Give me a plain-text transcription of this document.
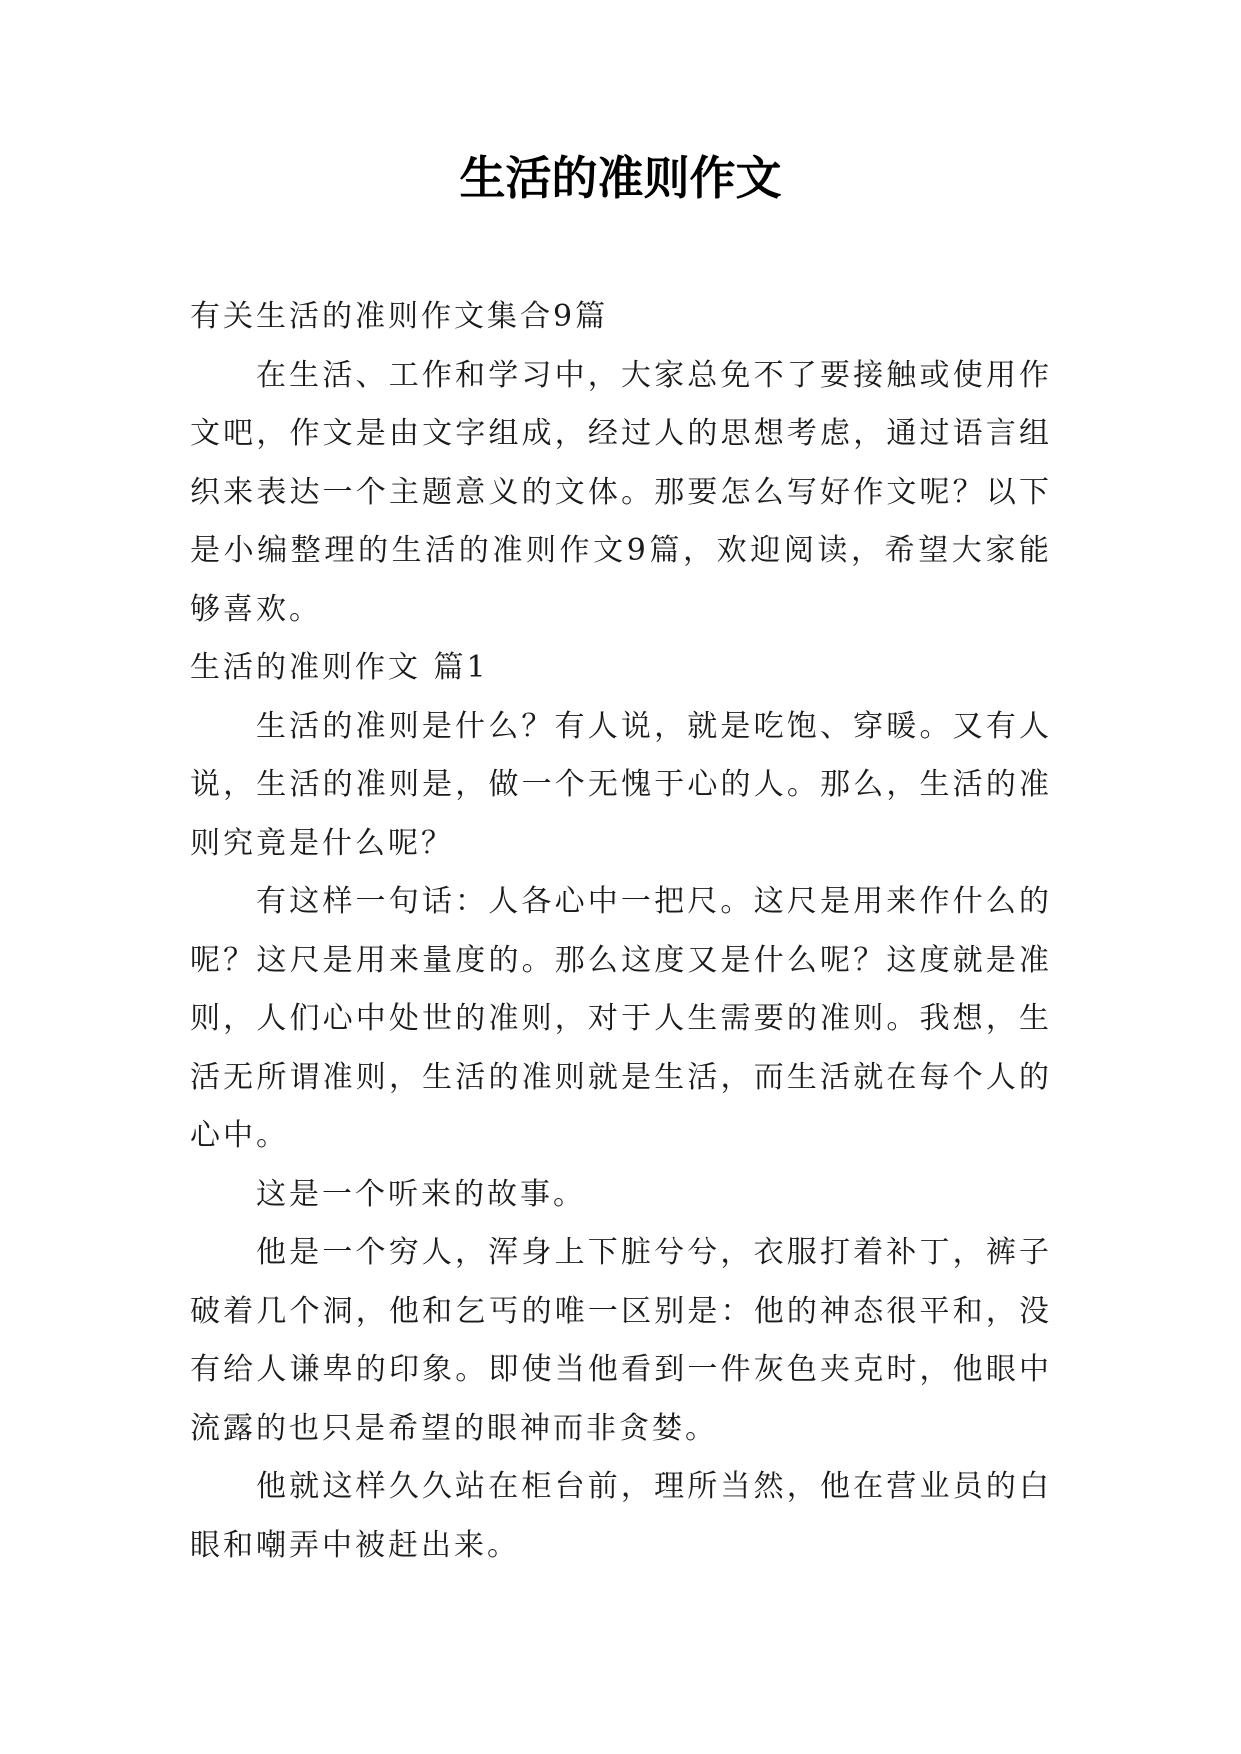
生活的准则作文

有关生活的准则作文集合9篇

在生活、工作和学习中，大家总免不了要接触或使用作文吧，作文是由文字组成，经过人的思想考虑，通过语言组织来表达一个主题意义的文体。那要怎么写好作文呢？以下是小编整理的生活的准则作文9篇，欢迎阅读，希望大家能够喜欢。

生活的准则作文 篇1

生活的准则是什么？有人说，就是吃饱、穿暖。又有人说，生活的准则是，做一个无愧于心的人。那么，生活的准则究竟是什么呢？

有这样一句话：人各心中一把尺。这尺是用来作什么的呢？这尺是用来量度的。那么这度又是什么呢？这度就是准则，人们心中处世的准则，对于人生需要的准则。我想，生活无所谓准则，生活的准则就是生活，而生活就在每个人的心中。

这是一个听来的故事。

他是一个穷人，浑身上下脏兮兮，衣服打着补丁，裤子破着几个洞，他和乞丐的唯一区别是：他的神态很平和，没有给人谦卑的印象。即使当他看到一件灰色夹克时，他眼中流露的也只是希望的眼神而非贪婪。

他就这样久久站在柜台前，理所当然，他在营业员的白眼和嘲弄中被赶出来。
